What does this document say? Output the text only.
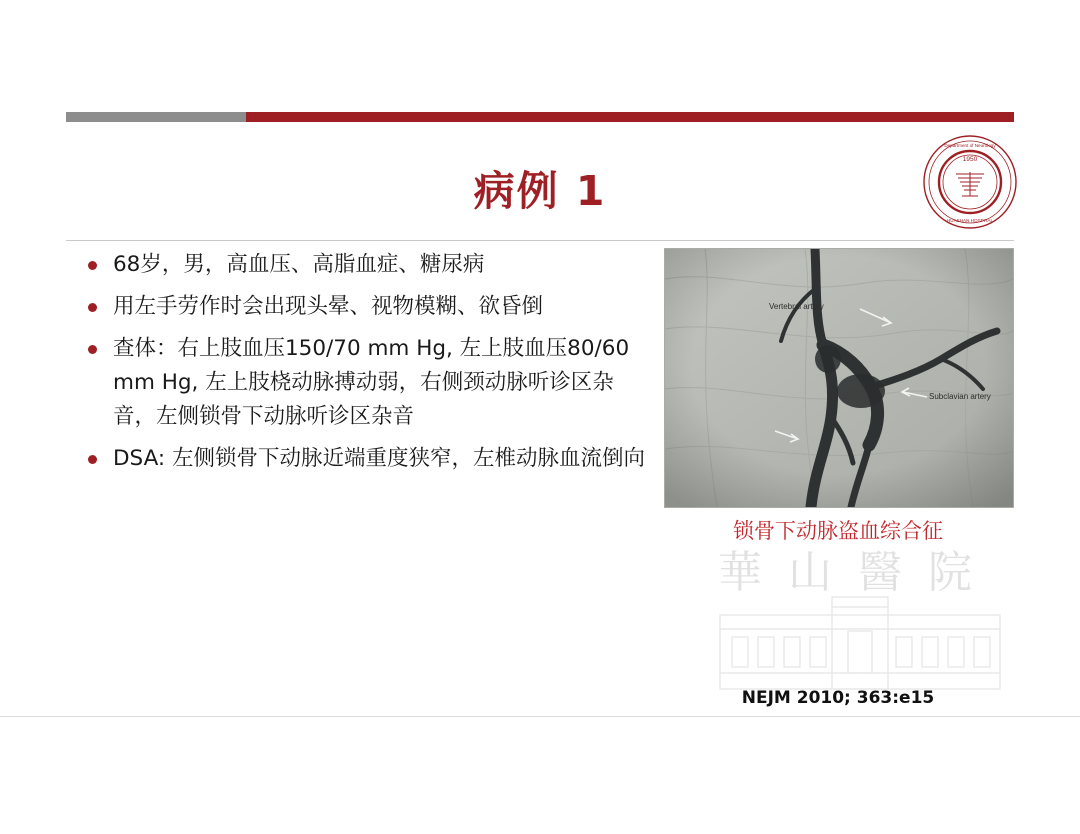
病例 1
1950
Department of Neurology
HUASHAN HOSPITAL
68岁，男，高血压、高脂血症、糖尿病
用左手劳作时会出现头晕、视物模糊、欲昏倒
查体：右上肢血压150/70 mm Hg, 左上肢血压80/60 mm Hg, 左上肢桡动脉搏动弱，右侧颈动脉听诊区杂音，左侧锁骨下动脉听诊区杂音
DSA: 左侧锁骨下动脉近端重度狭窄，左椎动脉血流倒向
Vertebral artery
Subclavian artery
锁骨下动脉盗血综合征
華 山 醫 院
NEJM 2010; 363:e15
